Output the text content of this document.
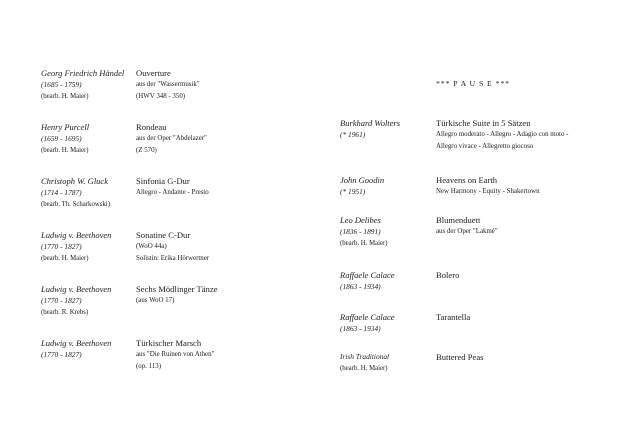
Georg Friedrich Händel
(1685 - 1759)
(bearb. H. Maier)
Ouverture
aus der "Wassermusik"
(HWV 348 - 350)
Henry Purcell
(1659 - 1695)
(bearb. H. Maier)
Rondeau
aus der Oper "Abdelazer"
(Z 570)
Christoph W. Gluck
(1714 - 1787)
(bearb. Th. Scharkowski)
Sinfonia G-Dur
Allegro - Andante - Presto
Ludwig v. Beethoven
(1770 - 1827)
(bearb. H. Maier)
Sonatine C-Dur
(WoO 44a)
Solistin: Erika Hörwertner
Ludwig v. Beethoven
(1770 - 1827)
(bearb. R. Krebs)
Sechs Mödlinger Tänze
(aus WoO 17)
Ludwig v. Beethoven
(1770 - 1827)
Türkischer Marsch
aus "Die Ruinen von Athen"
(op. 113)
*** P A U S E ***
Burkhard Wolters
(* 1961)
Türkische Suite in 5 Sätzen
Allegro moderato - Allegro - Adagio con moto -
Allegro vivace - Allegretto giocoso
John Goodin
(* 1951)
Heavens on Earth
New Harmony - Equity - Shakertown
Leo Delibes
(1836 - 1891)
(bearb. H. Maier)
Blumenduett
aus der Oper "Lakmé"
Raffaele Calace
(1863 - 1934)
Bolero
Raffaele Calace
(1863 - 1934)
Tarantella
Irish Traditional
(bearb. H. Maier)
Buttered Peas
